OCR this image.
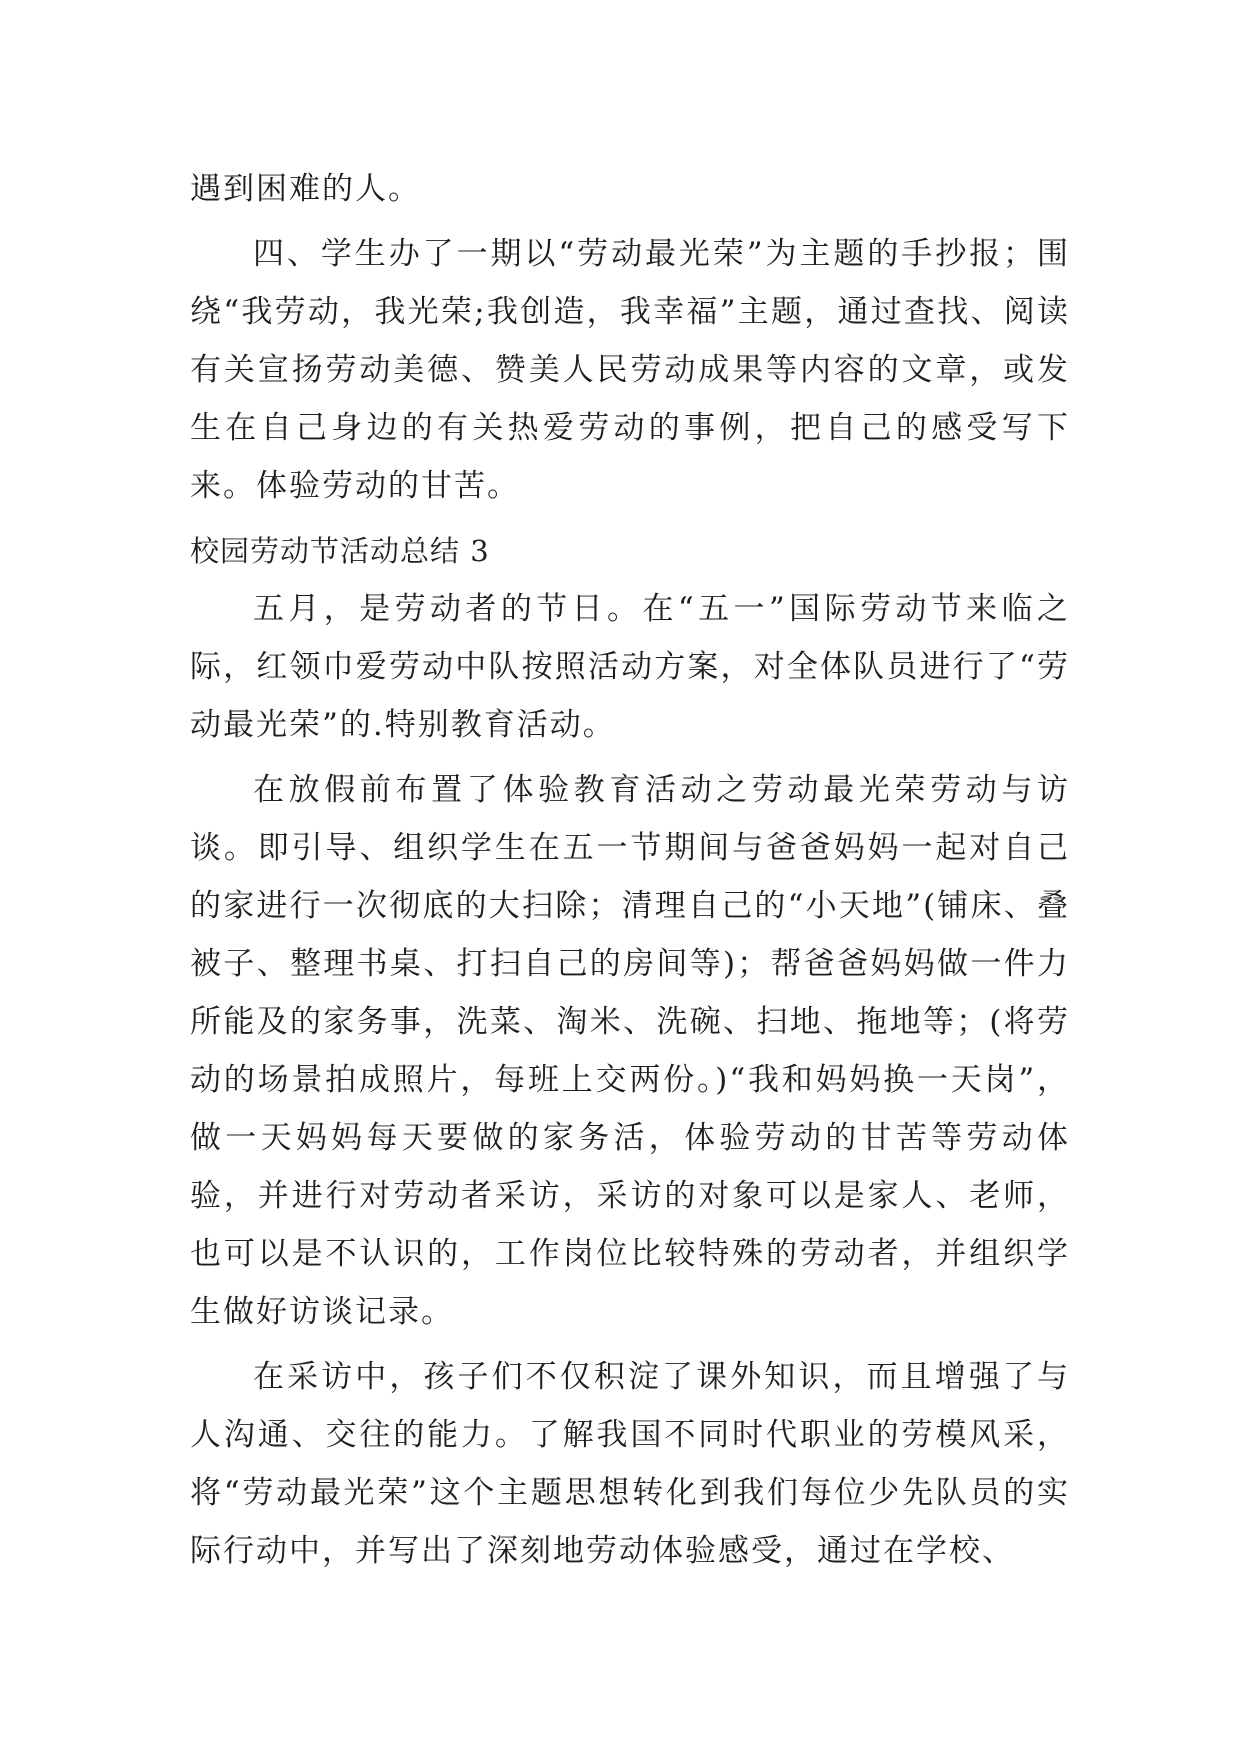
遇到困难的人。

四、学生办了一期以“劳动最光荣”为主题的手抄报；围绕“我劳动，我光荣;我创造，我幸福”主题，通过查找、阅读有关宣扬劳动美德、赞美人民劳动成果等内容的文章，或发生在自己身边的有关热爱劳动的事例，把自己的感受写下来。体验劳动的甘苦。

校园劳动节活动总结 3

五月，是劳动者的节日。在“五一”国际劳动节来临之际，红领巾爱劳动中队按照活动方案，对全体队员进行了“劳动最光荣”的.特别教育活动。

在放假前布置了体验教育活动之劳动最光荣劳动与访谈。即引导、组织学生在五一节期间与爸爸妈妈一起对自己的家进行一次彻底的大扫除；清理自己的“小天地”(铺床、叠被子、整理书桌、打扫自己的房间等)；帮爸爸妈妈做一件力所能及的家务事，洗菜、淘米、洗碗、扫地、拖地等；(将劳动的场景拍成照片，每班上交两份。)“我和妈妈换一天岗”，做一天妈妈每天要做的家务活，体验劳动的甘苦等劳动体验，并进行对劳动者采访，采访的对象可以是家人、老师，也可以是不认识的，工作岗位比较特殊的劳动者，并组织学生做好访谈记录。

在采访中，孩子们不仅积淀了课外知识，而且增强了与人沟通、交往的能力。了解我国不同时代职业的劳模风采，将“劳动最光荣”这个主题思想转化到我们每位少先队员的实际行动中，并写出了深刻地劳动体验感受，通过在学校、
